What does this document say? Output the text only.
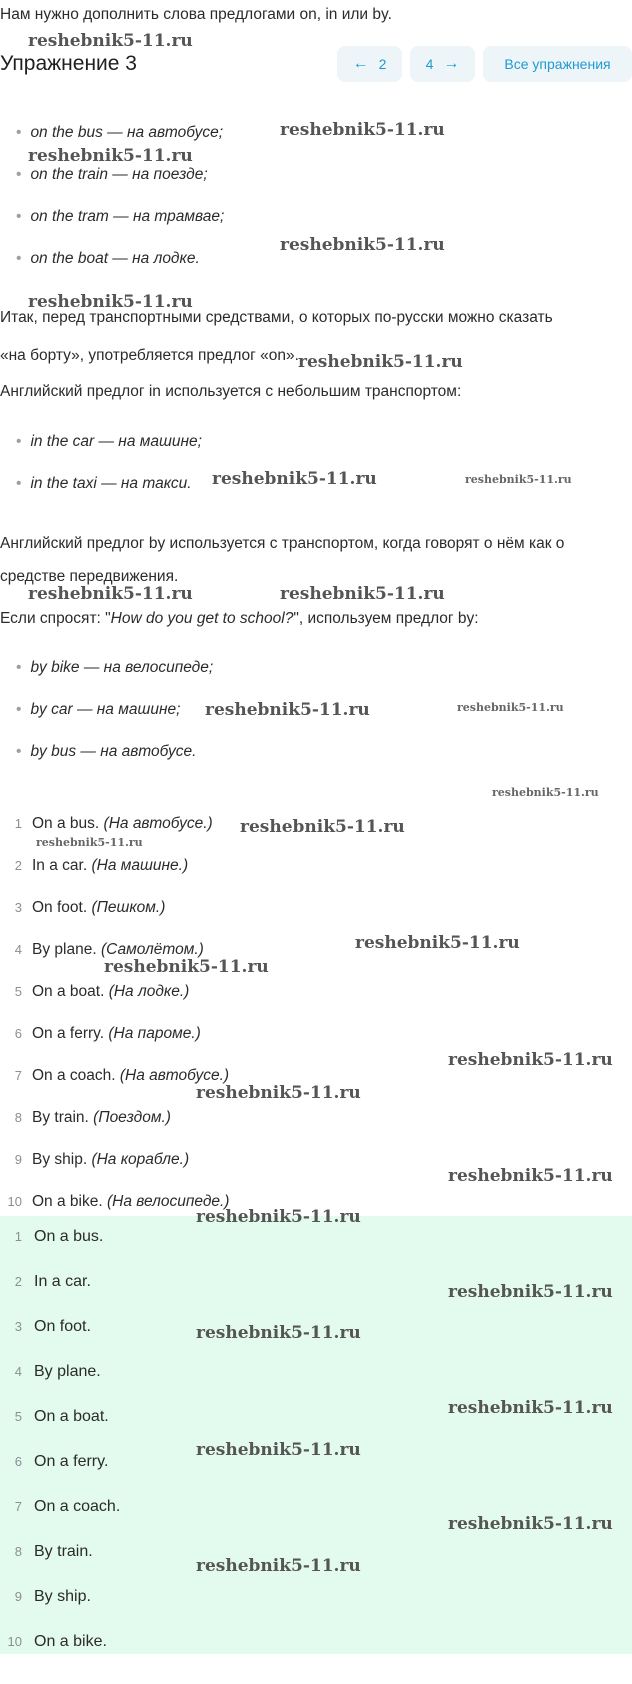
Нам нужно дополнить слова предлогами on, in или by.
Упражнение 3	← 2	4 →	Все упражнения
• on the bus — на автобусе;
• on the train — на поезде;
• on the tram — на трамвае;
• on the boat — на лодке.
Итак, перед транспортными средствами, о которых по-русски можно сказать
«на борту», употребляется предлог «on».
Английский предлог in используется с небольшим транспортом:
• in the car — на машине;
• in the taxi — на такси.
Английский предлог by используется с транспортом, когда говорят о нём как о
средстве передвижения.
Если спросят: "How do you get to school?", используем предлог by:
• by bike — на велосипеде;
• by car — на машине;
• by bus — на автобусе.
1 On a bus. (На автобусе.)
2 In a car. (На машине.)
3 On foot. (Пешком.)
4 By plane. (Самолётом.)
5 On a boat. (На лодке.)
6 On a ferry. (На пароме.)
7 On a coach. (На автобусе.)
8 By train. (Поездом.)
9 By ship. (На корабле.)
10 On a bike. (На велосипеде.)
1 On a bus.
2 In a car.
3 On foot.
4 By plane.
5 On a boat.
6 On a ferry.
7 On a coach.
8 By train.
9 By ship.
10 On a bike.
reshebnik5-11.ru
reshebnik5-11.ru
reshebnik5-11.ru
reshebnik5-11.ru
reshebnik5-11.ru
reshebnik5-11.ru
reshebnik5-11.ru	reshebnik5-11.ru
reshebnik5-11.ru	reshebnik5-11.ru
reshebnik5-11.ru	reshebnik5-11.ru
reshebnik5-11.ru
reshebnik5-11.ru
reshebnik5-11.ru
reshebnik5-11.ru
reshebnik5-11.ru
reshebnik5-11.ru
reshebnik5-11.ru
reshebnik5-11.ru
reshebnik5-11.ru
reshebnik5-11.ru
reshebnik5-11.ru
reshebnik5-11.ru
reshebnik5-11.ru
reshebnik5-11.ru
reshebnik5-11.ru
